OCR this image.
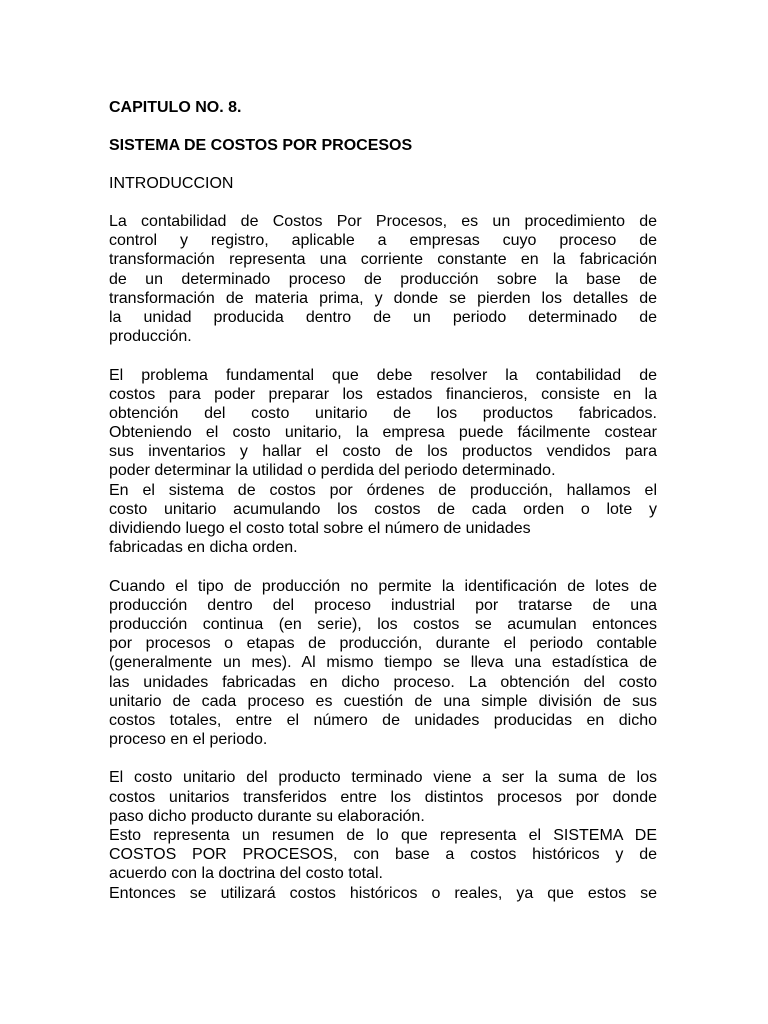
CAPITULO NO. 8.
SISTEMA DE COSTOS POR PROCESOS
INTRODUCCION

La contabilidad de Costos Por Procesos, es un procedimiento de
control y registro, aplicable a empresas cuyo proceso de
transformación representa una corriente constante en la fabricación
de un determinado proceso de producción sobre la base de
transformación de materia prima, y donde se pierden los detalles de
la unidad producida dentro de un periodo determinado de
producción.

El problema fundamental que debe resolver la contabilidad de
costos para poder preparar los estados financieros, consiste en la
obtención del costo unitario de los productos fabricados.
Obteniendo el costo unitario, la empresa puede fácilmente costear
sus inventarios y hallar el costo de los productos vendidos para
poder determinar la utilidad o perdida del periodo determinado.
En el sistema de costos por órdenes de producción, hallamos el
costo unitario acumulando los costos de cada orden o lote y
dividiendo luego el costo total sobre el número de unidades
fabricadas en dicha orden.

Cuando el tipo de producción no permite la identificación de lotes de
producción dentro del proceso industrial por tratarse de una
producción continua (en serie), los costos se acumulan entonces
por procesos o etapas de producción, durante el periodo contable
(generalmente un mes). Al mismo tiempo se lleva una estadística de
las unidades fabricadas en dicho proceso. La obtención del costo
unitario de cada proceso es cuestión de una simple división de sus
costos totales, entre el número de unidades producidas en dicho
proceso en el periodo.

El costo unitario del producto terminado viene a ser la suma de los
costos unitarios transferidos entre los distintos procesos por donde
paso dicho producto durante su elaboración.
Esto representa un resumen de lo que representa el SISTEMA DE
COSTOS POR PROCESOS, con base a costos históricos y de
acuerdo con la doctrina del costo total.
Entonces se utilizará costos históricos o reales, ya que estos se
